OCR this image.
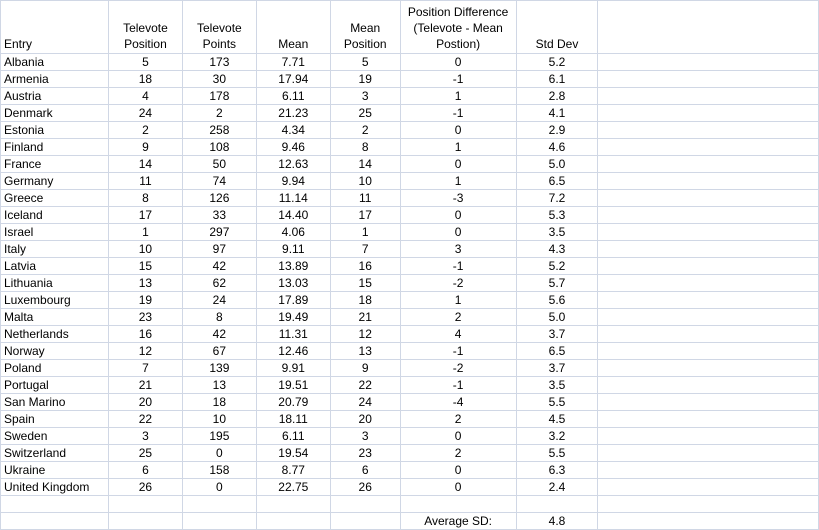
Entry	Televote Position	Televote Points	Mean	Mean Position	Position Difference (Televote - Mean Postion)	Std Dev	
Albania	5	173	7.71	5	0	5.2	
Armenia	18	30	17.94	19	-1	6.1	
Austria	4	178	6.11	3	1	2.8	
Denmark	24	2	21.23	25	-1	4.1	
Estonia	2	258	4.34	2	0	2.9	
Finland	9	108	9.46	8	1	4.6	
France	14	50	12.63	14	0	5.0	
Germany	11	74	9.94	10	1	6.5	
Greece	8	126	11.14	11	-3	7.2	
Iceland	17	33	14.40	17	0	5.3	
Israel	1	297	4.06	1	0	3.5	
Italy	10	97	9.11	7	3	4.3	
Latvia	15	42	13.89	16	-1	5.2	
Lithuania	13	62	13.03	15	-2	5.7	
Luxembourg	19	24	17.89	18	1	5.6	
Malta	23	8	19.49	21	2	5.0	
Netherlands	16	42	11.31	12	4	3.7	
Norway	12	67	12.46	13	-1	6.5	
Poland	7	139	9.91	9	-2	3.7	
Portugal	21	13	19.51	22	-1	3.5	
San Marino	20	18	20.79	24	-4	5.5	
Spain	22	10	18.11	20	2	4.5	
Sweden	3	195	6.11	3	0	3.2	
Switzerland	25	0	19.54	23	2	5.5	
Ukraine	6	158	8.77	6	0	6.3	
United Kingdom	26	0	22.75	26	0	2.4	

					Average SD:	4.8	
